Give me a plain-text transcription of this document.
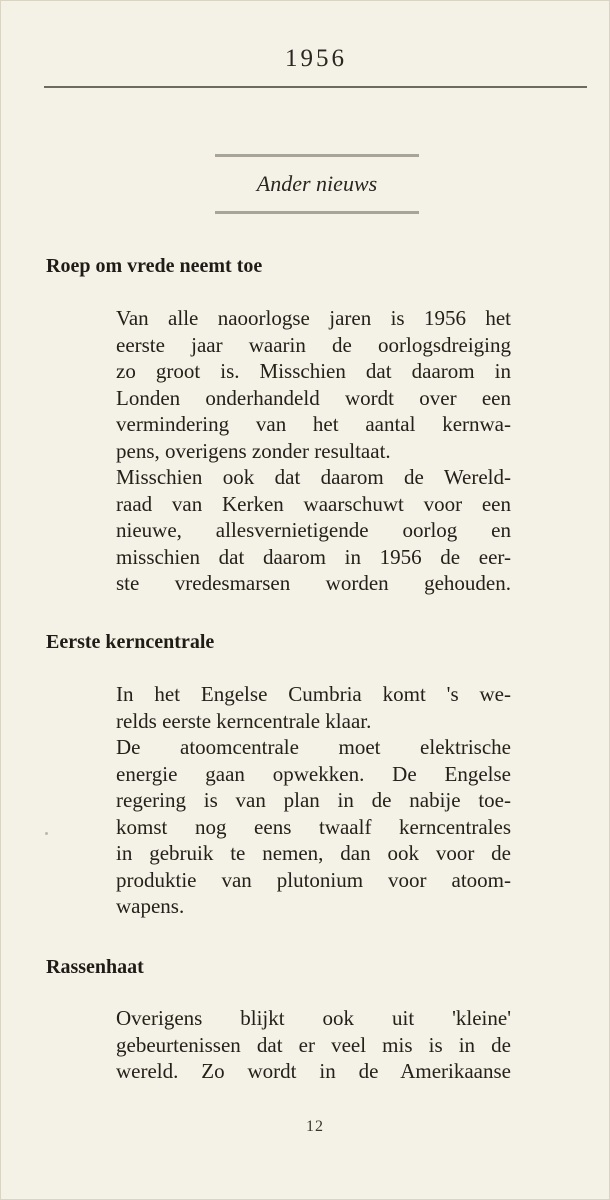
1956
Ander nieuws
Roep om vrede neemt toe
Van alle naoorlogse jaren is 1956 het
eerste jaar waarin de oorlogsdreiging
zo groot is. Misschien dat daarom in
Londen onderhandeld wordt over een
vermindering van het aantal kernwa-
pens, overigens zonder resultaat.
Misschien ook dat daarom de Wereld-
raad van Kerken waarschuwt voor een
nieuwe, allesvernietigende oorlog en
misschien dat daarom in 1956 de eer-
ste vredesmarsen worden gehouden.
Eerste kerncentrale
In het Engelse Cumbria komt 's we-
relds eerste kerncentrale klaar.
De atoomcentrale moet elektrische
energie gaan opwekken. De Engelse
regering is van plan in de nabije toe-
komst nog eens twaalf kerncentrales
in gebruik te nemen, dan ook voor de
produktie van plutonium voor atoom-
wapens.
Rassenhaat
Overigens blijkt ook uit 'kleine'
gebeurtenissen dat er veel mis is in de
wereld. Zo wordt in de Amerikaanse
12
